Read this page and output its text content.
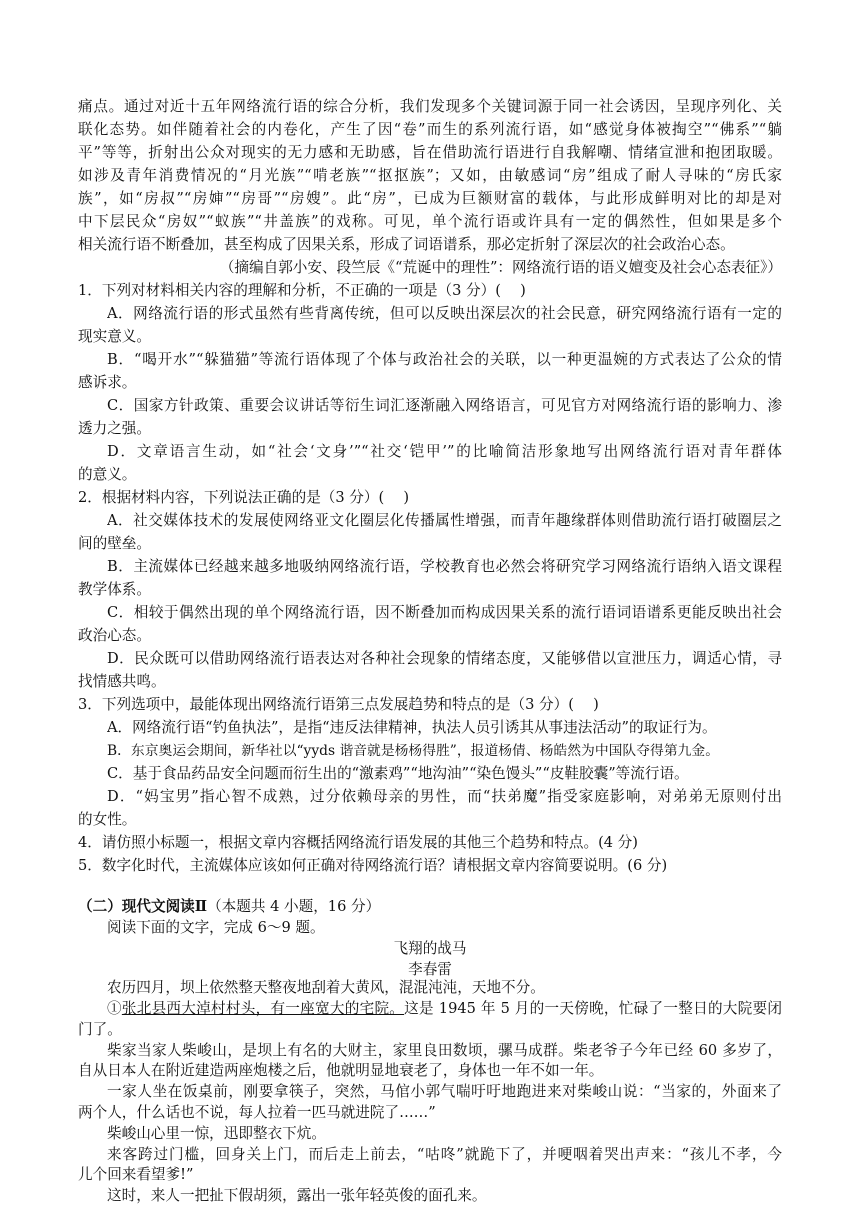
痛点。通过对近十五年网络流行语的综合分析，我们发现多个关键词源于同一社会诱因，呈现序列化、关
联化态势。如伴随着社会的内卷化，产生了因“卷”而生的系列流行语，如“感觉身体被掏空”“佛系”“躺
平”等等，折射出公众对现实的无力感和无助感，旨在借助流行语进行自我解嘲、情绪宣泄和抱团取暖。
如涉及青年消费情况的“月光族”“啃老族”“抠抠族”；又如，由敏感词“房”组成了耐人寻味的“房氏家
族”，如“房叔”“房婶”“房哥”“房嫂”。此“房”，已成为巨额财富的载体，与此形成鲜明对比的却是对
中下层民众“房奴”“蚁族”“井盖族”的戏称。可见，单个流行语或许具有一定的偶然性，但如果是多个
相关流行语不断叠加，甚至构成了因果关系，形成了词语谱系，那必定折射了深层次的社会政治心态。
（摘编自郭小安、段竺辰《“荒诞中的理性”：网络流行语的语义嬗变及社会心态表征》）
1．下列对材料相关内容的理解和分析，不正确的一项是（3 分）(　 )
A．网络流行语的形式虽然有些背离传统，但可以反映出深层次的社会民意，研究网络流行语有一定的
现实意义。
B．“喝开水”“躲猫猫”等流行语体现了个体与政治社会的关联，以一种更温婉的方式表达了公众的情
感诉求。
C．国家方针政策、重要会议讲话等衍生词汇逐渐融入网络语言，可见官方对网络流行语的影响力、渗
透力之强。
D．文章语言生动，如“社会‘文身’”“社交‘铠甲’”的比喻简洁形象地写出网络流行语对青年群体
的意义。
2．根据材料内容，下列说法正确的是（3 分）(　 )
A．社交媒体技术的发展使网络亚文化圈层化传播属性增强，而青年趣缘群体则借助流行语打破圈层之
间的壁垒。
B．主流媒体已经越来越多地吸纳网络流行语，学校教育也必然会将研究学习网络流行语纳入语文课程
教学体系。
C．相较于偶然出现的单个网络流行语，因不断叠加而构成因果关系的流行语词语谱系更能反映出社会
政治心态。
D．民众既可以借助网络流行语表达对各种社会现象的情绪态度，又能够借以宣泄压力，调适心情，寻
找情感共鸣。
3．下列选项中，最能体现出网络流行语第三点发展趋势和特点的是（3 分）(　 )
A．网络流行语“钓鱼执法”，是指“违反法律精神，执法人员引诱其从事违法活动”的取证行为。
B．东京奥运会期间，新华社以“yyds 谐音就是杨杨得胜”，报道杨倩、杨皓然为中国队夺得第九金。
C．基于食品药品安全问题而衍生出的“激素鸡”“地沟油”“染色馒头”“皮鞋胶囊”等流行语。
D．“妈宝男”指心智不成熟，过分依赖母亲的男性，而“扶弟魔”指受家庭影响，对弟弟无原则付出
的女性。
4．请仿照小标题一，根据文章内容概括网络流行语发展的其他三个趋势和特点。(4 分)
5．数字化时代，主流媒体应该如何正确对待网络流行语？请根据文章内容简要说明。(6 分)
（二）现代文阅读Ⅱ（本题共 4 小题，16 分）
阅读下面的文字，完成 6～9 题。
飞翔的战马
李春雷
农历四月，坝上依然整天整夜地刮着大黄风，混混沌沌，天地不分。
①张北县西大淖村村头，有一座宽大的宅院。这是 1945 年 5 月的一天傍晚，忙碌了一整日的大院要闭
门了。
柴家当家人柴峻山，是坝上有名的大财主，家里良田数顷，骡马成群。柴老爷子今年已经 60 多岁了，
自从日本人在附近建造两座炮楼之后，他就明显地衰老了，身体也一年不如一年。
一家人坐在饭桌前，刚要拿筷子，突然，马倌小郭气喘吁吁地跑进来对柴峻山说：“当家的，外面来了
两个人，什么话也不说，每人拉着一匹马就进院了……”
柴峻山心里一惊，迅即整衣下炕。
来客跨过门槛，回身关上门，而后走上前去，“咕咚”就跪下了，并哽咽着哭出声来：“孩儿不孝，今
儿个回来看望爹!”
这时，来人一把扯下假胡须，露出一张年轻英俊的面孔来。
